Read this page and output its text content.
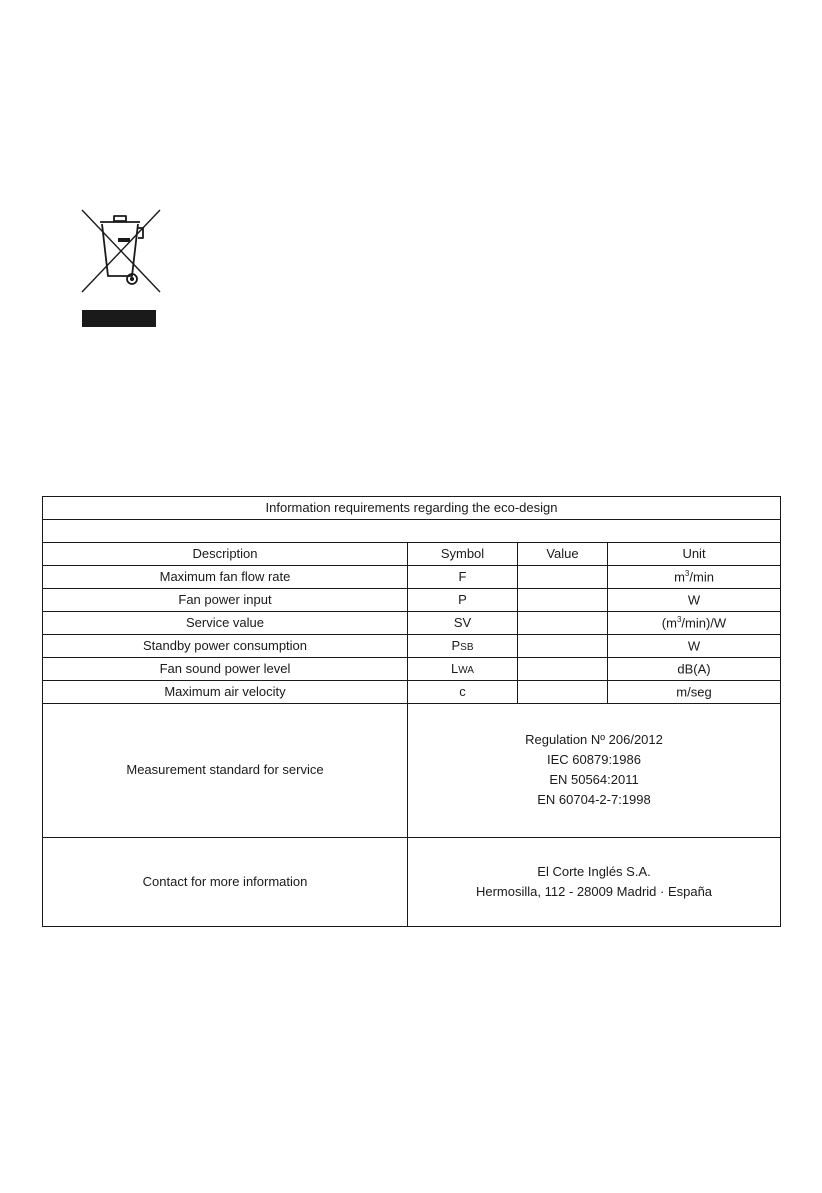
Information requirements regarding the eco-design			

Description	Symbol	Value	Unit
Maximum fan flow rate	F		$m^3/\min$
Fan power input	P		W
Service value	SV		$(m^3/\min)/W$
Standby power consumption	PSB		W
Fan sound power level	LWA		dB(A)
Maximum air velocity	c		m/seg
Measurement standard for service	Regulation Nº 206/2012
IEC 60879:1986
EN 50564:2011
EN 60704-2-7:1998		

Contact for more information	El Corte Inglés S.A.
Hermosilla, 112 - 28009 Madrid · España		
